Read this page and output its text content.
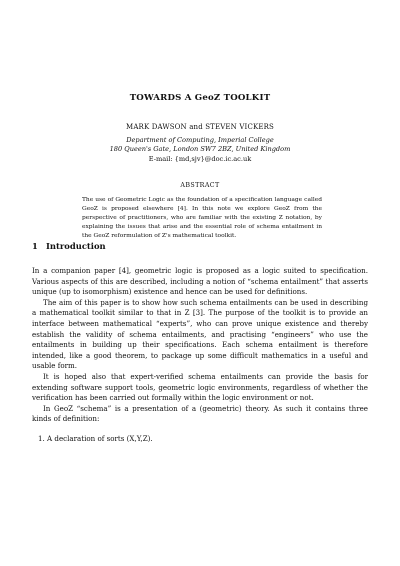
TOWARDS A GeoZ TOOLKIT
MARK DAWSON and STEVEN VICKERS
Department of Computing, Imperial College
180 Queen's Gate, London SW7 2BZ, United Kingdom
E-mail: {md,sjv}@doc.ic.ac.uk
ABSTRACT

The use of Geometric Logic as the foundation of a specification language called GeoZ is proposed elsewhere [4]. In this note we explore GeoZ from the perspective of practitioners, who are familiar with the existing Z notation, by explaining the issues that arise and the essential role of schema entailment in the GeoZ reformulation of Z's mathematical toolkit.

1 Introduction

In a companion paper [4], geometric logic is proposed as a logic suited to specification. Various aspects of this are described, including a notion of “schema entailment” that asserts unique (up to isomorphism) existence and hence can be used for definitions.

The aim of this paper is to show how such schema entailments can be used in describing a mathematical toolkit similar to that in Z [3]. The purpose of the toolkit is to provide an interface between mathematical “experts”, who can prove unique existence and thereby establish the validity of schema entailments, and practising “engineers” who use the entailments in building up their specifications. Each schema entailment is therefore intended, like a good theorem, to package up some difficult mathematics in a useful and usable form.

It is hoped also that expert-verified schema entailments can provide the basis for extending software support tools, geometric logic environments, regardless of whether the verification has been carried out formally within the logic environment or not.

In GeoZ “schema” is a presentation of a (geometric) theory. As such it contains three kinds of definition:

1. A declaration of sorts (X,Y,Z).
